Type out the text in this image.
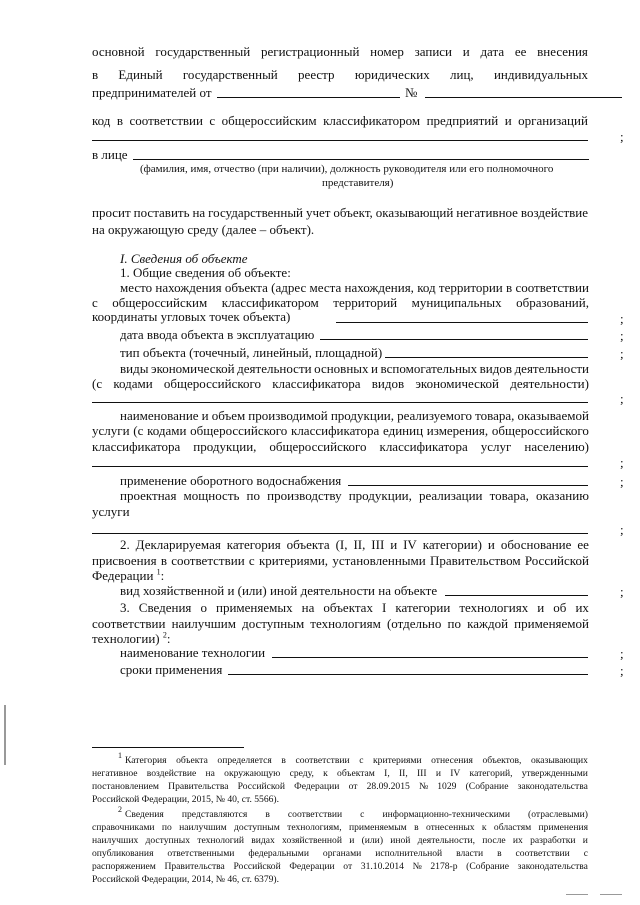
основной государственный регистрационный номер записи и дата ее внесения
в Единый государственный реестр юридических лиц, индивидуальных
предпринимателей от	№
код в соответствии с общероссийским классификатором предприятий и организаций
;
в лице
(фамилия, имя, отчество (при наличии), должность руководителя или его полномочного
представителя)
просит поставить на государственный учет объект, оказывающий негативное воздействие
на окружающую среду (далее – объект).
I. Сведения об объекте
1. Общие сведения об объекте:
место нахождения объекта (адрес места нахождения, код территории в соответствии
с общероссийским классификатором территорий муниципальных образований,
координаты угловых точек объекта)	;
дата ввода объекта в эксплуатацию	;
тип объекта (точечный, линейный, площадной)	;
виды экономической деятельности основных и вспомогательных видов деятельности
(с кодами общероссийского классификатора видов экономической деятельности)
;
наименование и объем производимой продукции, реализуемого товара, оказываемой
услуги (с кодами общероссийского классификатора единиц измерения, общероссийского
классификатора продукции, общероссийского классификатора услуг населению)
;
применение оборотного водоснабжения	;
проектная мощность по производству продукции, реализации товара, оказанию
услуги
;
2. Декларируемая категория объекта (I, II, III и IV категории) и обоснование ее
присвоения в соответствии с критериями, установленными Правительством Российской
Федерации $^1$:
вид хозяйственной и (или) иной деятельности на объекте	;
3. Сведения о применяемых на объектах I категории технологиях и об их
соответствии наилучшим доступным технологиям (отдельно по каждой применяемой
технологии) $^2$:
наименование технологии	;
сроки применения	;
1 Категория объекта определяется в соответствии с критериями отнесения объектов, оказывающих
негативное воздействие на окружающую среду, к объектам I, II, III и IV категорий, утвержденными
постановлением Правительства Российской Федерации от 28.09.2015 № 1029 (Собрание законодательства
Российской Федерации, 2015, № 40, ст. 5566).
2 Сведения представляются в соответствии с информационно-техническими (отраслевыми)
справочниками по наилучшим доступным технологиям, применяемым в отнесенных к областям применения
наилучших доступных технологий видах хозяйственной и (или) иной деятельности, после их разработки и
опубликования ответственными федеральными органами исполнительной власти в соответствии с
распоряжением Правительства Российской Федерации от 31.10.2014 № 2178-р (Собрание законодательства
Российской Федерации, 2014, № 46, ст. 6379).
